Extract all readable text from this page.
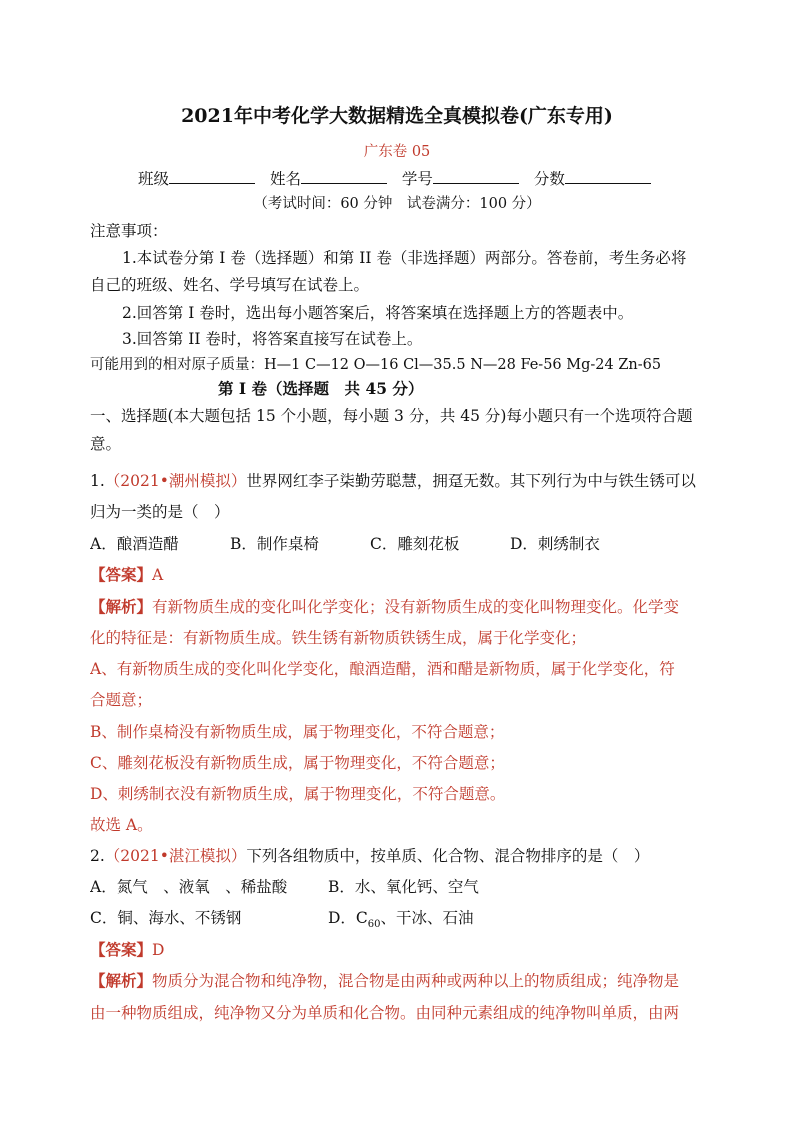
2021年中考化学大数据精选全真模拟卷(广东专用)
广东卷 05
班级	姓名	学号	分数
（考试时间：60 分钟　试卷满分：100 分）
注意事项：
1.本试卷分第 I 卷（选择题）和第 II 卷（非选择题）两部分。答卷前，考生务必将
自己的班级、姓名、学号填写在试卷上。
2.回答第 I 卷时，选出每小题答案后，将答案填在选择题上方的答题表中。
3.回答第 II 卷时，将答案直接写在试卷上。
可能用到的相对原子质量：H—1 C—12 O—16 Cl—35.5 N—28 Fe-56 Mg-24 Zn-65
第 I 卷（选择题　共 45 分）
一、选择题(本大题包括 15 个小题，每小题 3 分，共 45 分)每小题只有一个选项符合题
意。
1.（2021•潮州模拟）世界网红李子柒勤劳聪慧，拥趸无数。其下列行为中与铁生锈可以
归为一类的是（　）
A．酿酒造醋	B．制作桌椅	C．雕刻花板	D．刺绣制衣
【答案】A
【解析】有新物质生成的变化叫化学变化；没有新物质生成的变化叫物理变化。化学变
化的特征是：有新物质生成。铁生锈有新物质铁锈生成，属于化学变化；
A、有新物质生成的变化叫化学变化，酿酒造醋，酒和醋是新物质，属于化学变化，符
合题意；
B、制作桌椅没有新物质生成，属于物理变化，不符合题意；
C、雕刻花板没有新物质生成，属于物理变化，不符合题意；
D、刺绣制衣没有新物质生成，属于物理变化，不符合题意。
故选 A。
2.（2021•湛江模拟）下列各组物质中，按单质、化合物、混合物排序的是（　）
A．氮气　、液氧　、稀盐酸	B．水、氧化钙、空气
C．铜、海水、不锈钢	D．$C_{60}$、干冰、石油
【答案】D
【解析】物质分为混合物和纯净物，混合物是由两种或两种以上的物质组成；纯净物是
由一种物质组成，纯净物又分为单质和化合物。由同种元素组成的纯净物叫单质，由两
